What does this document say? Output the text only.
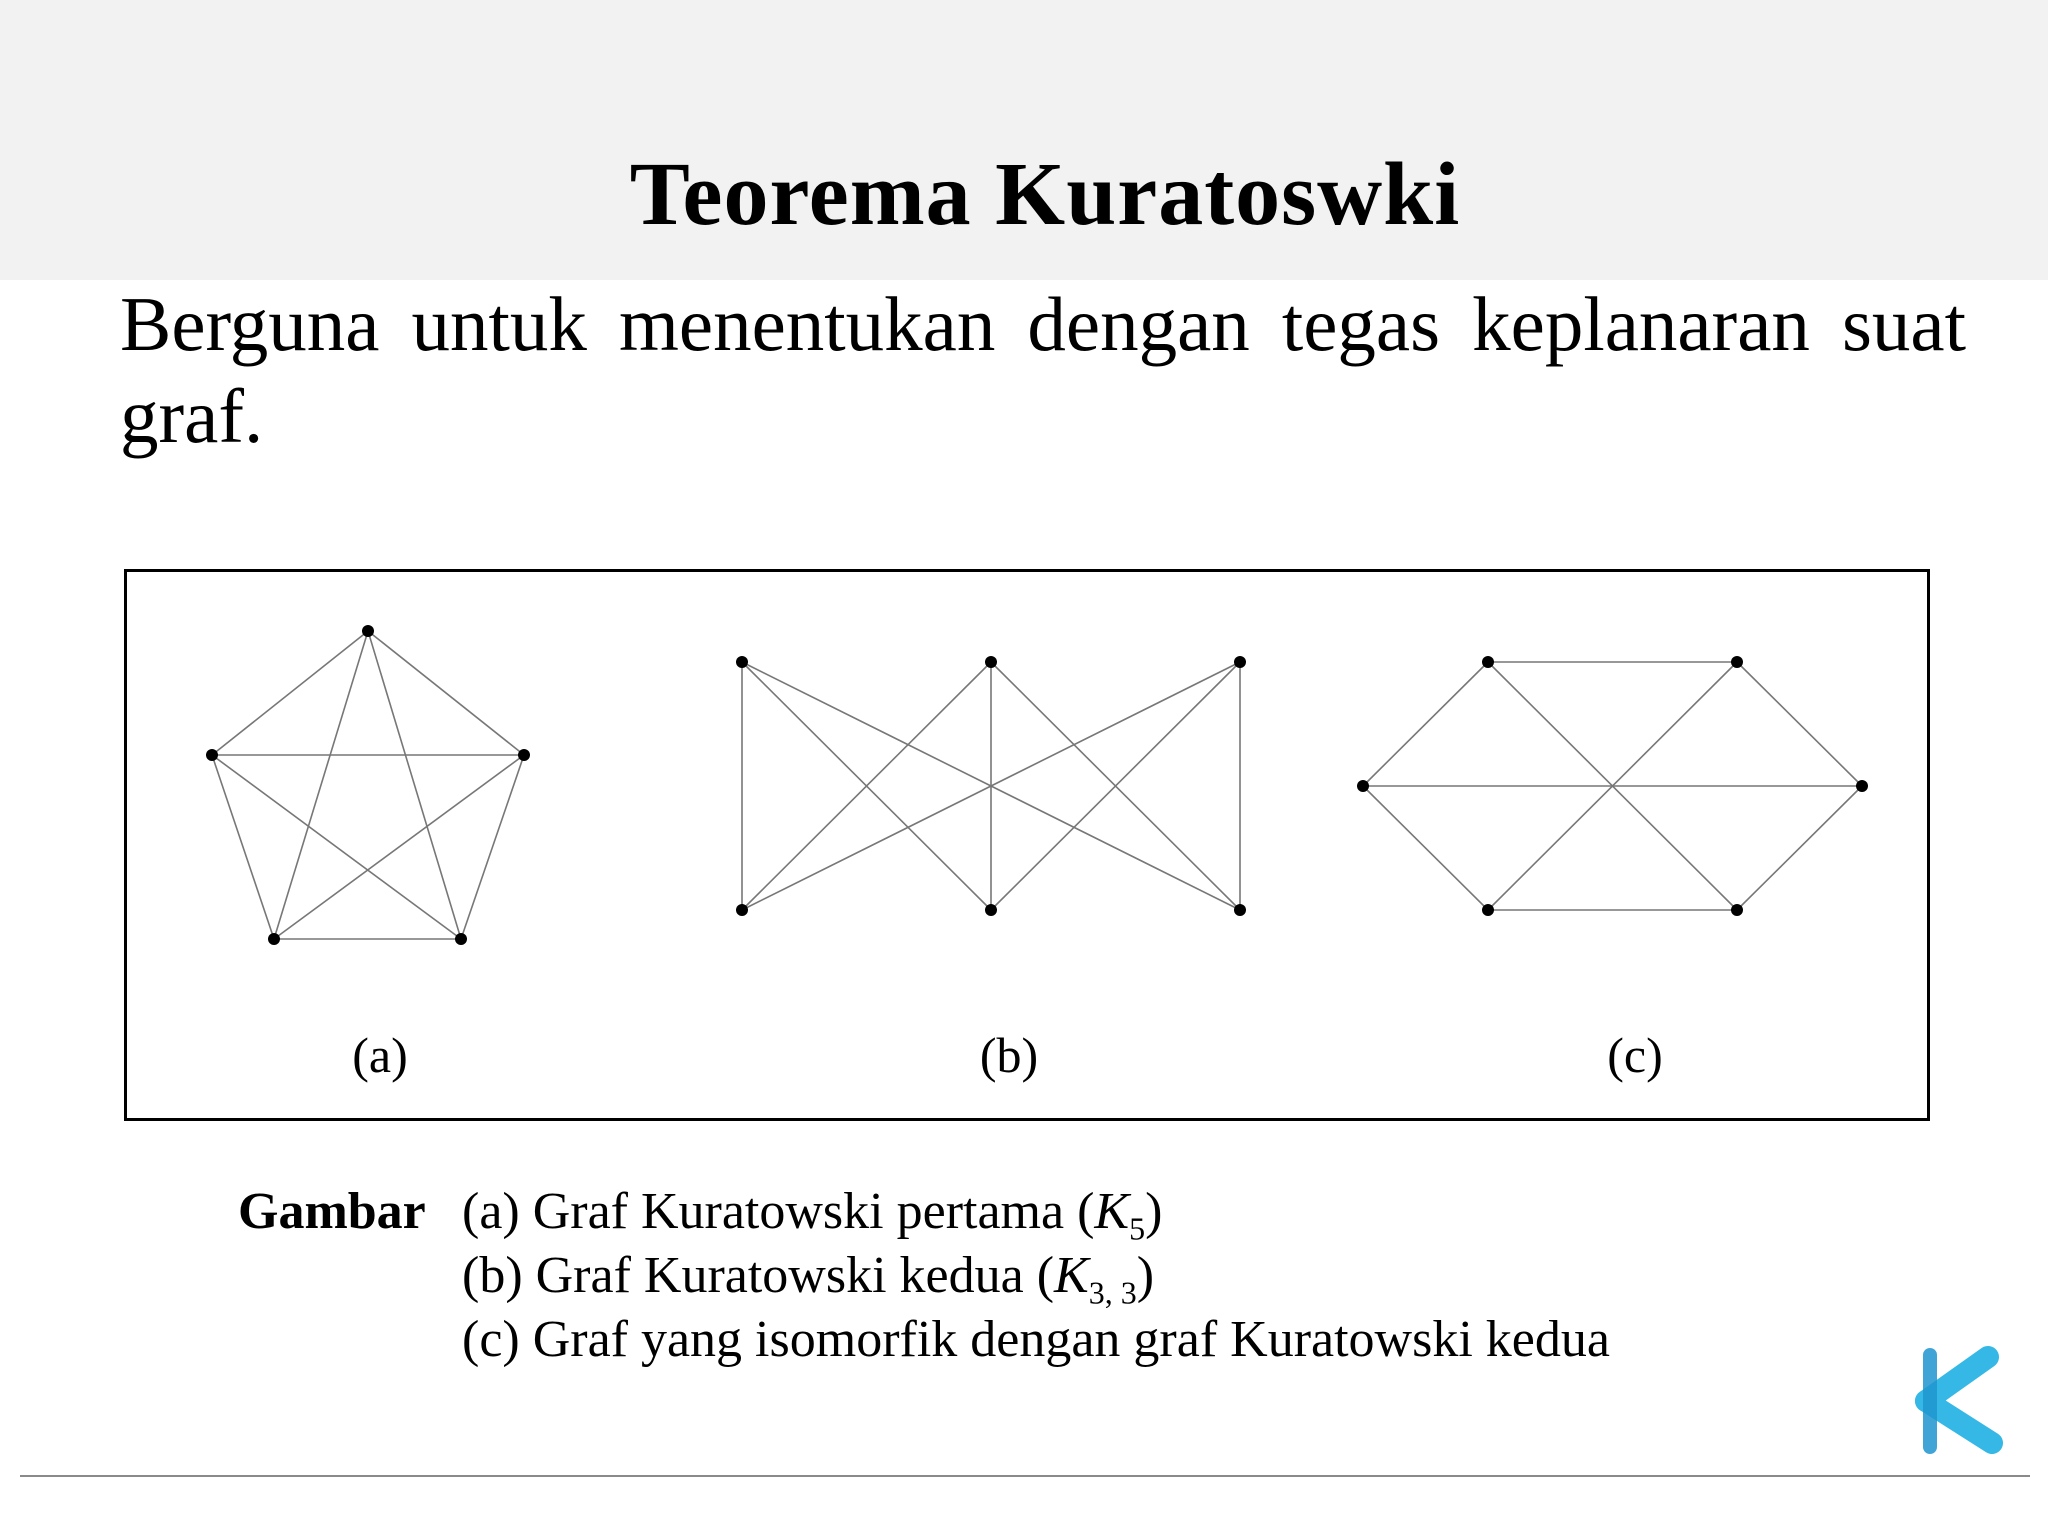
Teorema Kuratoswki
Berguna untuk menentukan dengan tegas keplanaran suat graf.
(a)	(b)	(c)
Gambar (a) Graf Kuratowski pertama $(K_5)$
(b) Graf Kuratowski kedua $(K_{3, 3})$
(c) Graf yang isomorfik dengan graf Kuratowski kedua
